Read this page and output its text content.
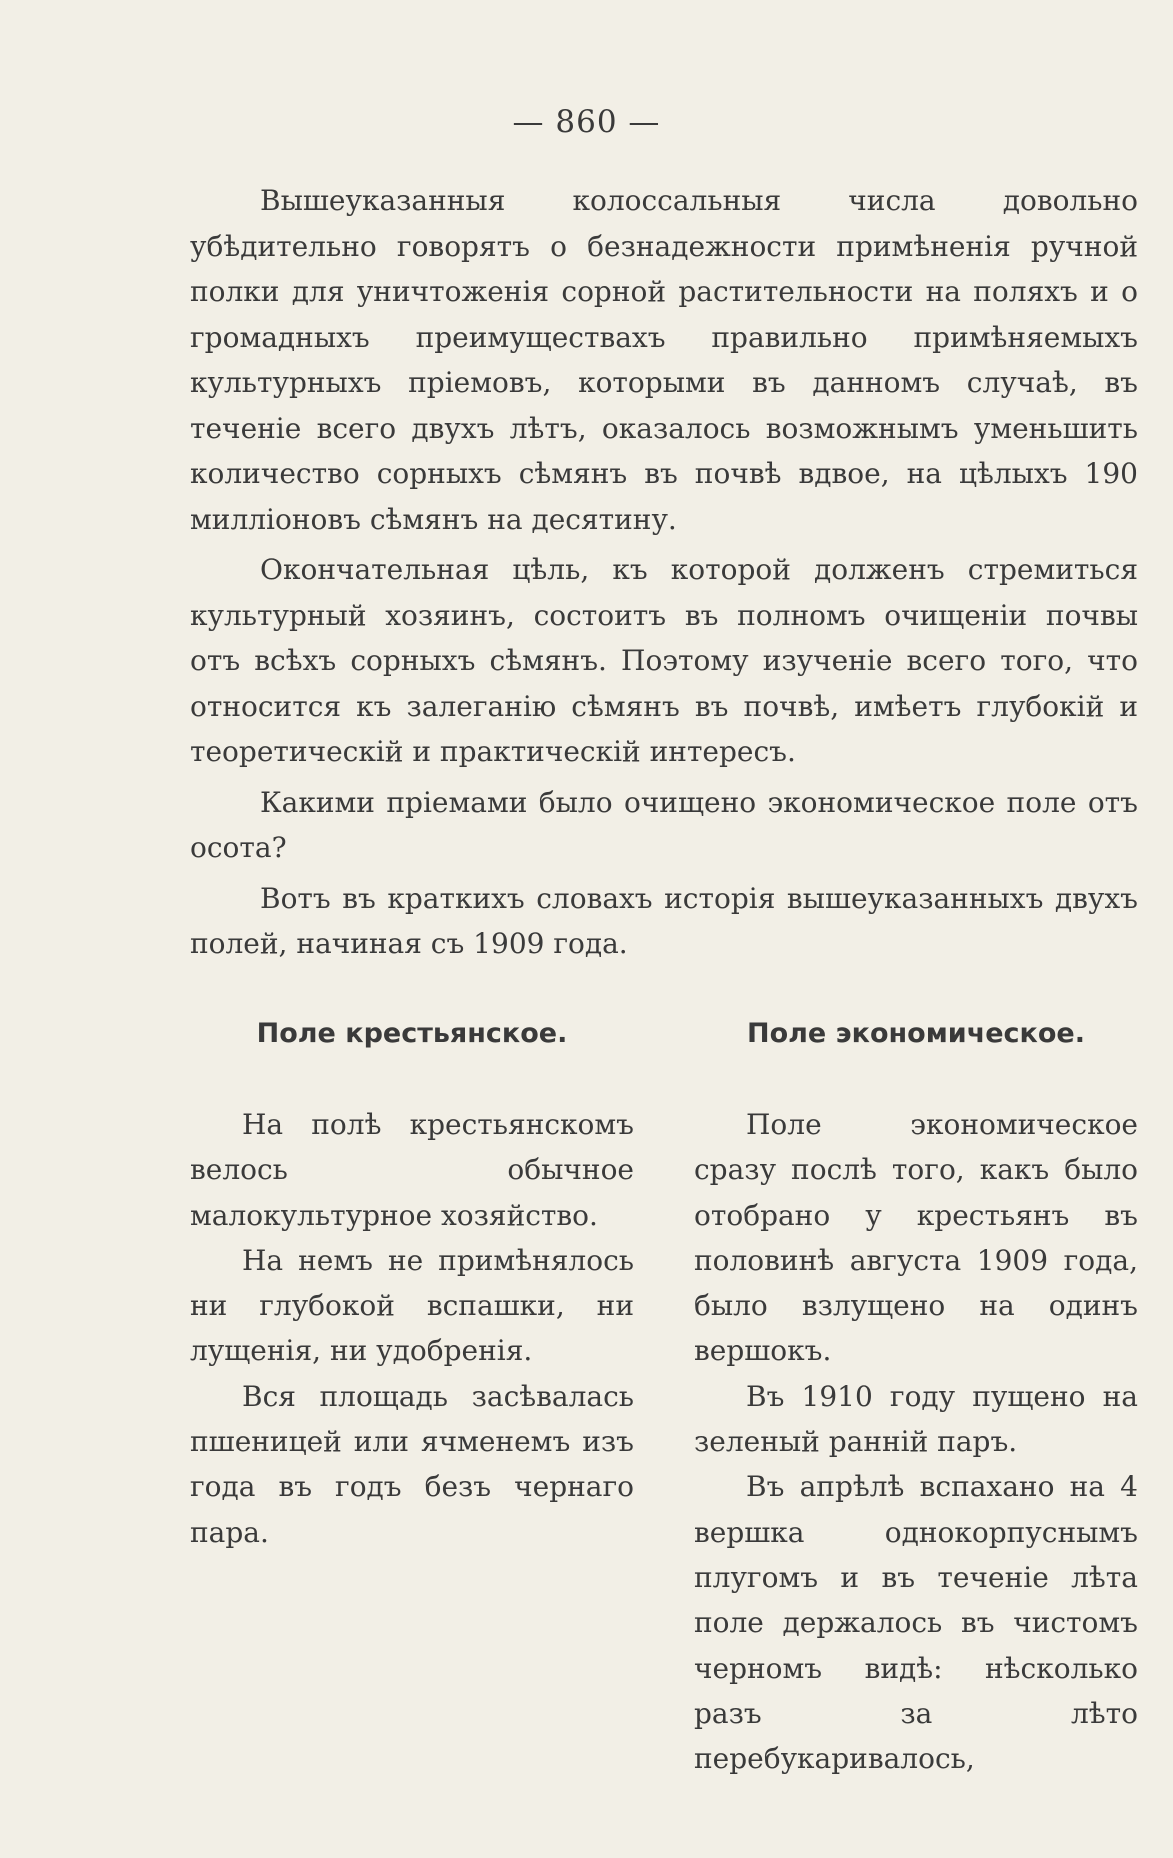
— 860 —

Вышеуказанныя колоссальныя числа довольно убѣдительно говорятъ о безнадежности примѣненія ручной полки для уничтоженія сорной растительности на поляхъ и о громадныхъ преимуществахъ правильно примѣняемыхъ культурныхъ пріемовъ, которыми въ данномъ случаѣ, въ теченіе всего двухъ лѣтъ, оказалось возможнымъ уменьшить количество сорныхъ сѣмянъ въ почвѣ вдвое, на цѣлыхъ 190 милліоновъ сѣмянъ на десятину.

Окончательная цѣль, къ которой долженъ стремиться культурный хозяинъ, состоитъ въ полномъ очищеніи почвы отъ всѣхъ сорныхъ сѣмянъ. Поэтому изученіе всего того, что относится къ залеганію сѣмянъ въ почвѣ, имѣетъ глубокій и теоретическій и практическій интересъ.

Какими пріемами было очищено экономическое поле отъ осота?

Вотъ въ краткихъ словахъ исторія вышеуказанныхъ двухъ полей, начиная съ 1909 года.

Поле крестьянское.

На полѣ крестьянскомъ велось обычное малокультурное хозяйство.

На немъ не примѣнялось ни глубокой вспашки, ни лущенія, ни удобренія.

Вся площадь засѣвалась пшеницей или ячменемъ изъ года въ годъ безъ чернаго пара.

Поле экономическое.

Поле экономическое сразу послѣ того, какъ было отобрано у крестьянъ въ половинѣ августа 1909 года, было взлущено на одинъ вершокъ.

Въ 1910 году пущено на зеленый ранній паръ.

Въ апрѣлѣ вспахано на 4 вершка однокорпуснымъ плугомъ и въ теченіе лѣта поле держалось въ чистомъ черномъ видѣ: нѣсколько разъ за лѣто перебукаривалось,
